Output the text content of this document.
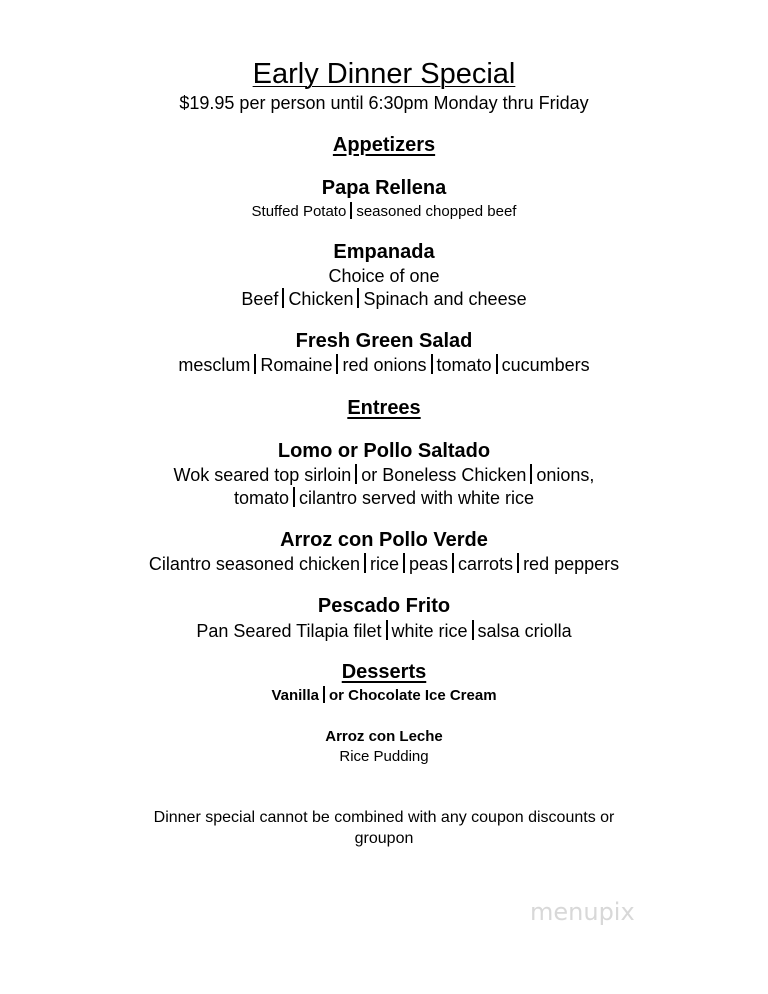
Early Dinner Special
$19.95 per person until 6:30pm Monday thru Friday
Appetizers
Papa Rellena
Stuffed Potato seasoned chopped beef
Empanada
Choice of one
Beef Chicken Spinach and cheese
Fresh Green Salad
mesclum Romaine red onions tomato cucumbers
Entrees
Lomo or Pollo Saltado
Wok seared top sirloin or Boneless Chicken onions,
tomato cilantro served with white rice
Arroz con Pollo Verde
Cilantro seasoned chicken rice peas carrots red peppers
Pescado Frito
Pan Seared Tilapia filet white rice salsa criolla
Desserts
Vanilla or Chocolate Ice Cream
Arroz con Leche
Rice Pudding
Dinner special cannot be combined with any coupon discounts or
groupon
menupix
